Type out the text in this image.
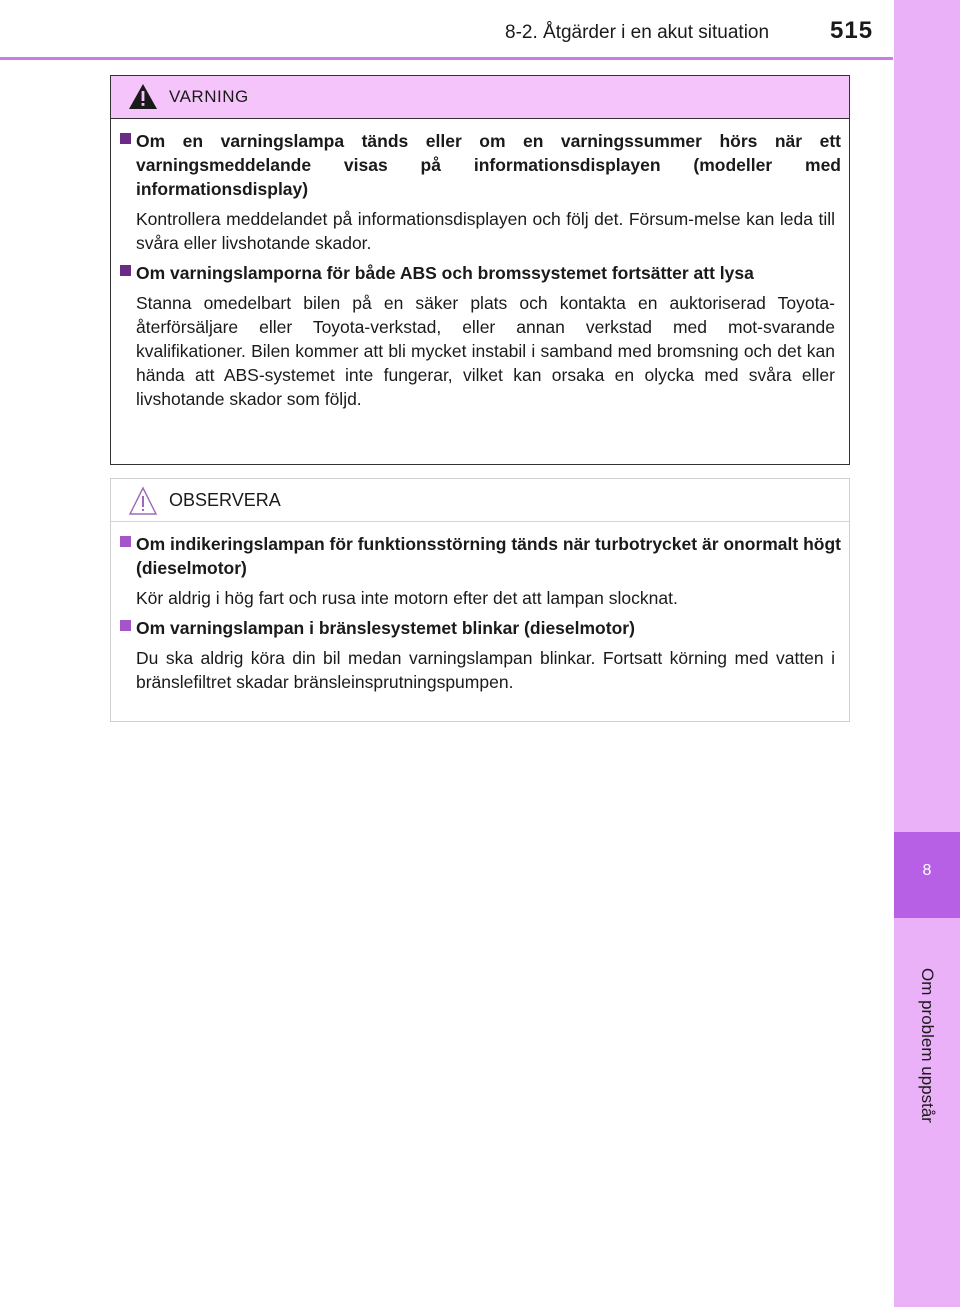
8-2. Åtgärder i en akut situation	515
8
Om problem uppstår
VARNING
Om en varningslampa tänds eller om en varningssummer hörs när ett varningsmeddelande visas på informationsdisplayen (modeller med informationsdisplay)
Kontrollera meddelandet på informationsdisplayen och följ det. Försum-melse kan leda till svåra eller livshotande skador.
Om varningslamporna för både ABS och bromssystemet fortsätter att lysa
Stanna omedelbart bilen på en säker plats och kontakta en auktoriserad Toyota-återförsäljare eller Toyota-verkstad, eller annan verkstad med mot-svarande kvalifikationer. Bilen kommer att bli mycket instabil i samband med bromsning och det kan hända att ABS-systemet inte fungerar, vilket kan orsaka en olycka med svåra eller livshotande skador som följd.
OBSERVERA
Om indikeringslampan för funktionsstörning tänds när turbotrycket är onormalt högt (dieselmotor)
Kör aldrig i hög fart och rusa inte motorn efter det att lampan slocknat.
Om varningslampan i bränslesystemet blinkar (dieselmotor)
Du ska aldrig köra din bil medan varningslampan blinkar. Fortsatt körning med vatten i bränslefiltret skadar bränsleinsprutningspumpen.
